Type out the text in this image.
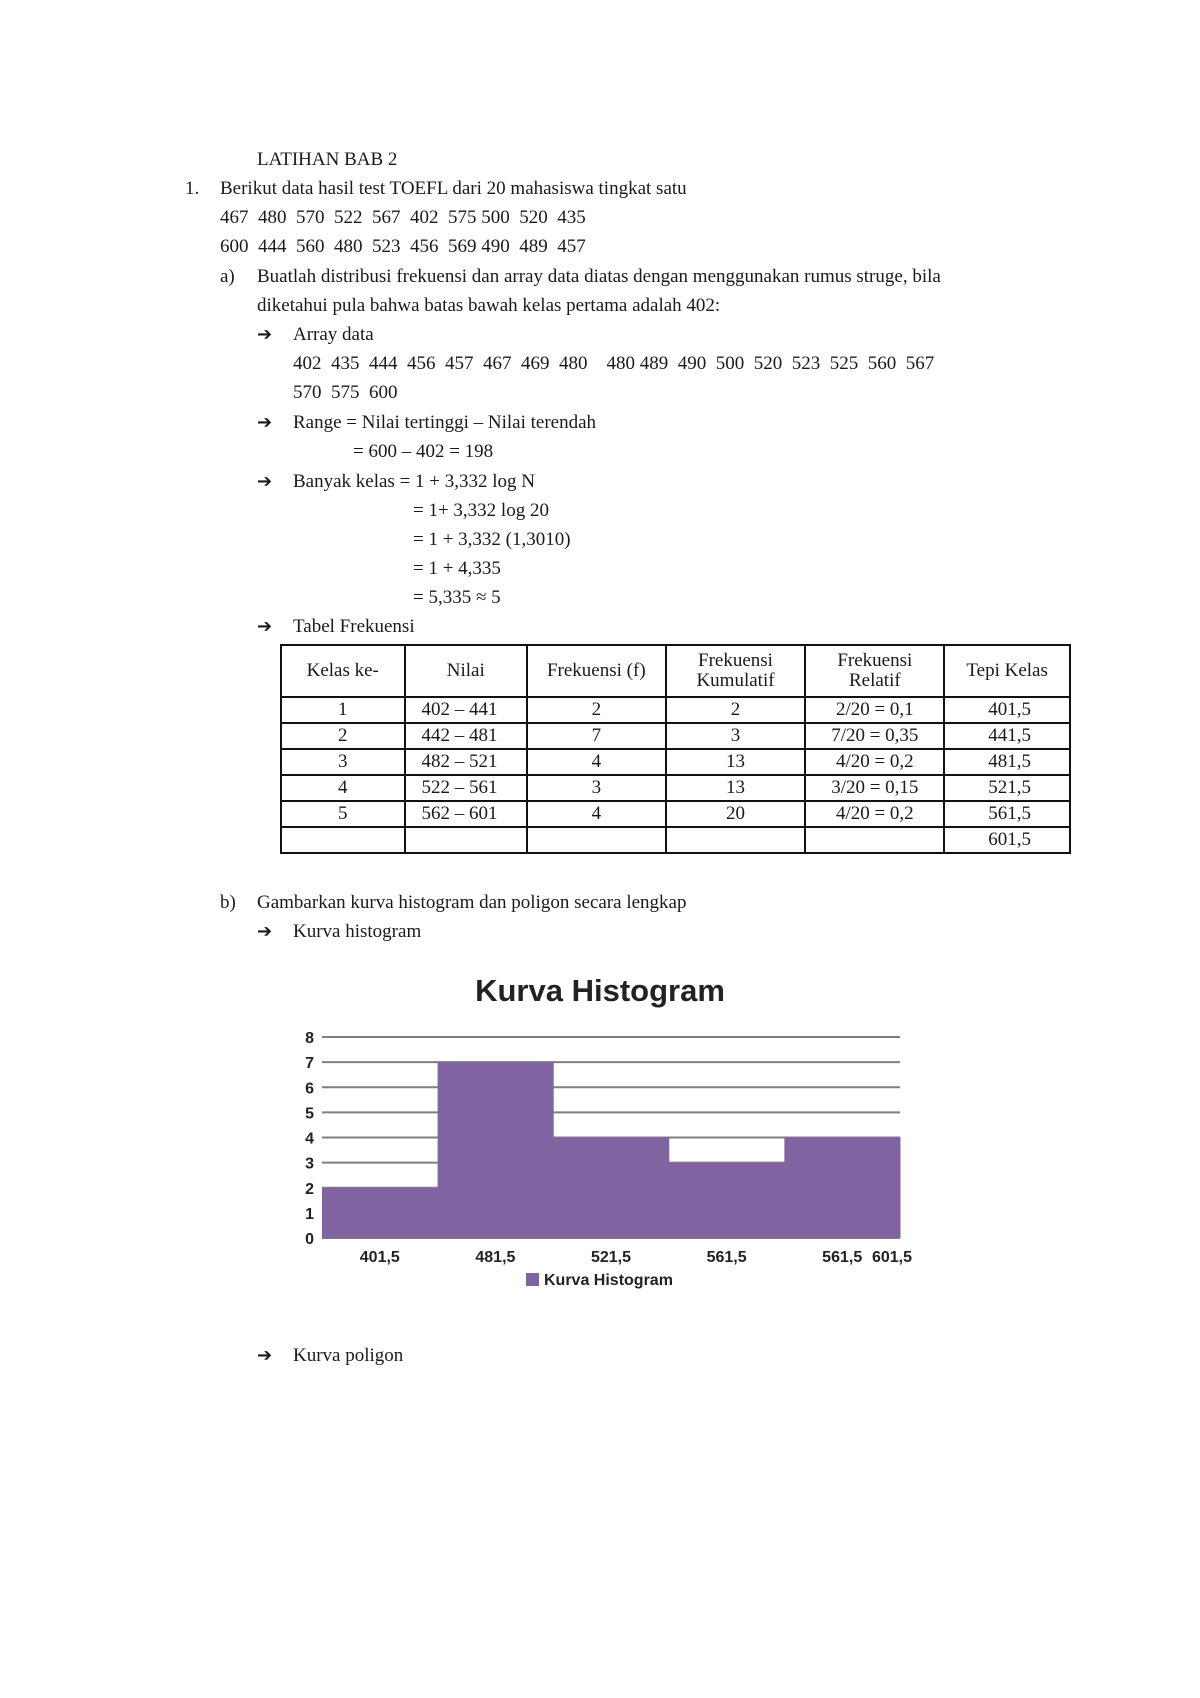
LATIHAN BAB 2
1. Berikut data hasil test TOEFL dari 20 mahasiswa tingkat satu
467  480  570  522  567  402  575 500  520  435
600  444  560  480  523  456  569 490  489  457
a) Buatlah distribusi frekuensi dan array data diatas dengan menggunakan rumus struge, bila
diketahui pula bahwa batas bawah kelas pertama adalah 402:
➔ Array data
402  435  444  456  457  467  469  480    480 489  490  500  520  523  525  560  567
570  575  600
➔ Range = Nilai tertinggi – Nilai terendah
= 600 – 402 = 198
➔ Banyak kelas = 1 + 3,332 log N
= 1+ 3,332 log 20
= 1 + 3,332 (1,3010)
= 1 + 4,335
= 5,335 ≈ 5
➔ Tabel Frekuensi
Kelas ke-	Nilai	Frekuensi (f)	Frekuensi Kumulatif	Frekuensi Relatif	Tepi Kelas
1	402 – 441	2	2	2/20 = 0,1	401,5
2	442 – 481	7	3	7/20 = 0,35	441,5
3	482 – 521	4	13	4/20 = 0,2	481,5
4	522 – 561	3	13	3/20 = 0,15	521,5
5	562 – 601	4	20	4/20 = 0,2	561,5
					601,5
b) Gambarkan kurva histogram dan poligon secara lengkap
➔ Kurva histogram
Kurva Histogram
0
1
2
3
4
5
6
7
8
401,5	481,5	521,5	561,5	561,5 601,5
Kurva Histogram
➔ Kurva poligon
